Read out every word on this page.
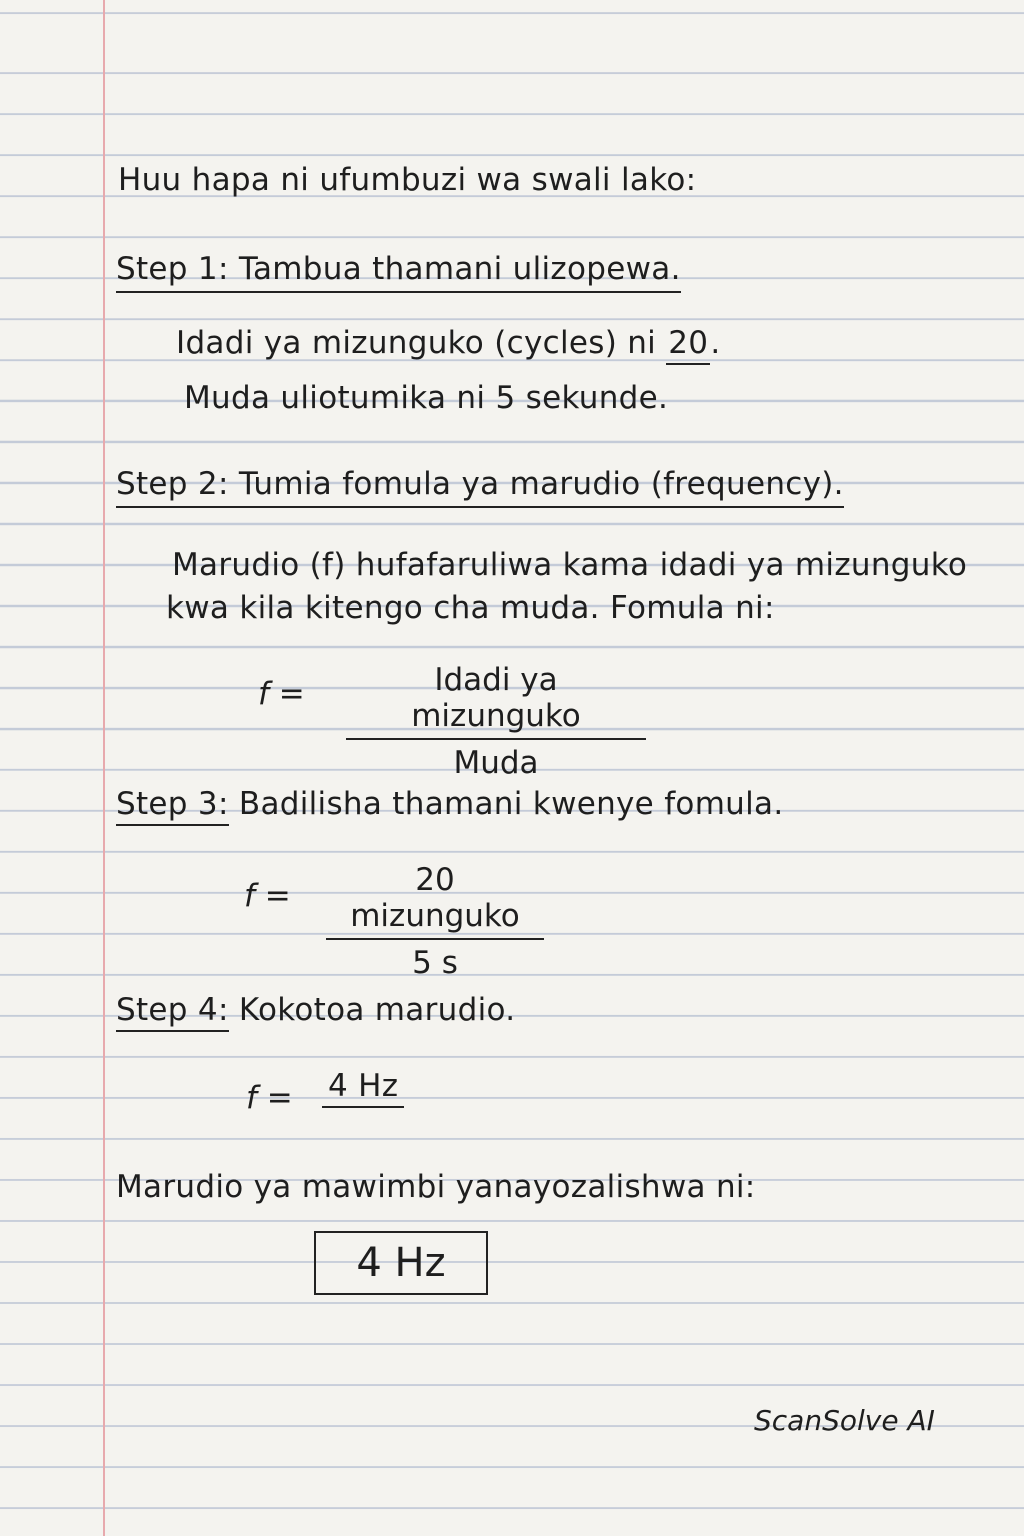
Huu hapa ni ufumbuzi wa swali lako:
Step 1: Tambua thamani ulizopewa.
Idadi ya mizunguko (cycles) ni 20.
Muda uliotumika ni 5 sekunde.
Step 2: Tumia fomula ya marudio (frequency).
Marudio (f) hufafaruliwa kama idadi ya mizunguko
kwa kila kitengo cha muda. Fomula ni:
f =	Idadi ya mizunguko
Muda
Step 3: Badilisha thamani kwenye fomula.
f =	20 mizunguko
5 s
Step 4: Kokotoa marudio.
f = 4 Hz
Marudio ya mawimbi yanayozalishwa ni:
4 Hz
ScanSolve AI
